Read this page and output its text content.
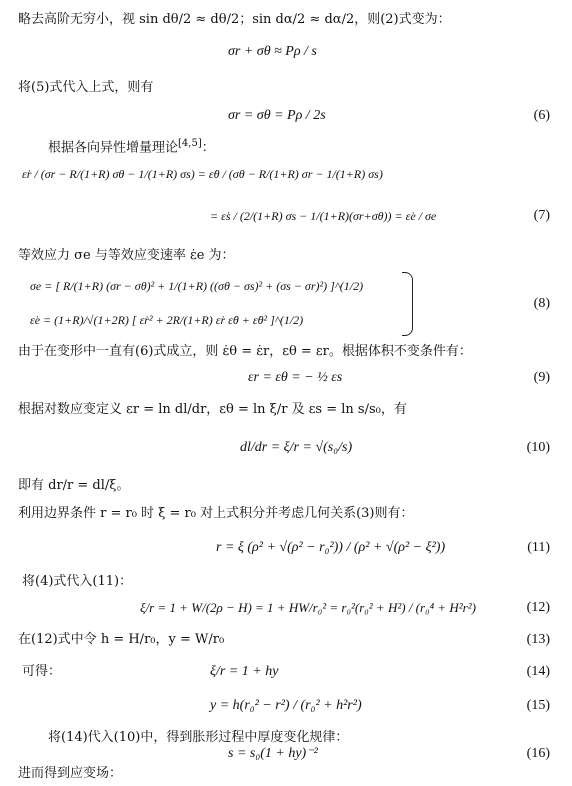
略去高阶无穷小，视 sin dθ/2 ≈ dθ/2；sin dα/2 ≈ dα/2，则(2)式变为：
σr + σθ ≈ Pρ / s
将(5)式代入上式，则有
σr = σθ = Pρ / 2s	(6)
根据各向异性增量理论[4,5]：
ε̇r / (σr − R/(1+R) σθ − 1/(1+R) σs) = ε̇θ / (σθ − R/(1+R) σr − 1/(1+R) σs)
= ε̇s / (2/(1+R) σs − 1/(1+R)(σr+σθ)) = ε̇e / σe	(7)
等效应力 σe 与等效应变速率 ε̇e 为：
σe = [ R/(1+R) (σr − σθ)² + 1/(1+R) ((σθ − σs)² + (σs − σr)²) ]^(1/2)
ε̇e = (1+R)/√(1+2R) [ ε̇r² + 2R/(1+R) ε̇r ε̇θ + ε̇θ² ]^(1/2)
(8)
由于在变形中一直有(6)式成立，则 ε̇θ = ε̇r，εθ = εr。根据体积不变条件有：
εr = εθ = − ½ εs	(9)
根据对数应变定义 εr = ln dl/dr，εθ = ln ξ/r 及 εs = ln s/s₀，有
dl/dr = ξ/r = √(s₀/s)	(10)
即有 dr/r = dl/ξ。
利用边界条件 r = r₀ 时 ξ = r₀ 对上式积分并考虑几何关系(3)则有：
r = ξ (ρ² + √(ρ² − r₀²)) / (ρ² + √(ρ² − ξ²))	(11)
将(4)式代入(11)：
ξ/r = 1 + W/(2ρ − H) = 1 + HW/r₀² = r₀²(r₀² + H²) / (r₀⁴ + H²r²)	(12)
在(12)式中令 h = H/r₀，y = W/r₀	(13)
可得：	ξ/r = 1 + hy	(14)
y = h(r₀² − r²) / (r₀² + h²r²)	(15)
将(14)代入(10)中，得到胀形过程中厚度变化规律：
s = s₀(1 + hy)⁻²	(16)
进而得到应变场：
